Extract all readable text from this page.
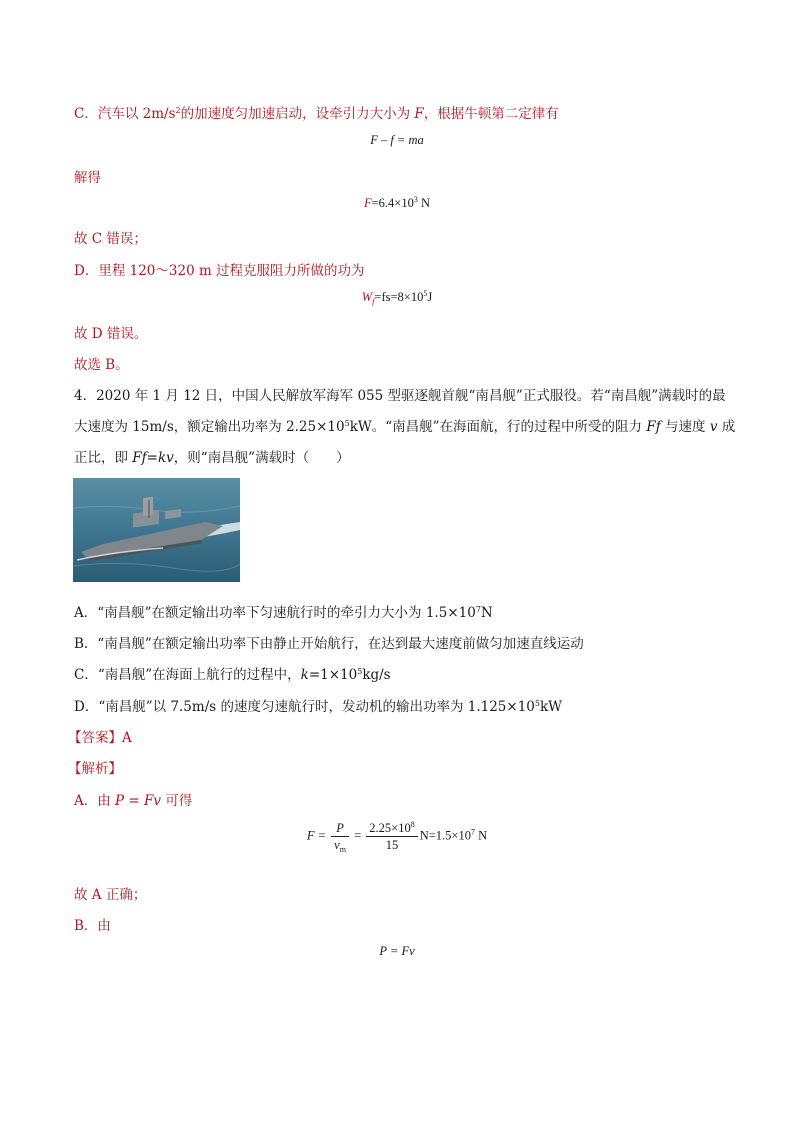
C．汽车以 $2m/s^2$的加速度匀加速启动，设牵引力大小为 F，根据牛顿第二定律有
F – f = ma
解得
$F=6.4\times 10^3$ N
故 C 错误；
D．里程 120～320 m 过程克服阻力所做的功为
$W_f=fs=8\times 10^5J$
故 D 错误。
故选 B。
4．2020 年 1 月 12 日，中国人民解放军海军 055 型驱逐舰首舰“南昌舰”正式服役。若“南昌舰”满载时的最
大速度为 15m/s，额定输出功率为 $2.25\times 10^5kW$。“南昌舰”在海面航，行的过程中所受的阻力 Ff 与速度 v 成
正比，即 Ff=kv，则“南昌舰”满载时（　　）
A．“南昌舰”在额定输出功率下匀速航行时的牵引力大小为 $1.5\times 10^7N$
B．“南昌舰”在额定输出功率下由静止开始航行，在达到最大速度前做匀加速直线运动
C．“南昌舰”在海面上航行的过程中，$k=1\times 10^5kg/s$
D．“南昌舰”以 7.5m/s 的速度匀速航行时，发动机的输出功率为 $1.125\times 10^5kW$
【答案】A
【解析】
A．由 P = Fv 可得
$F = \frac{P}{v_m} = \frac{2.25\times 10^8}{15} N=1.5\times 10^7$ N
故 A 正确；
B．由
P = Fv
